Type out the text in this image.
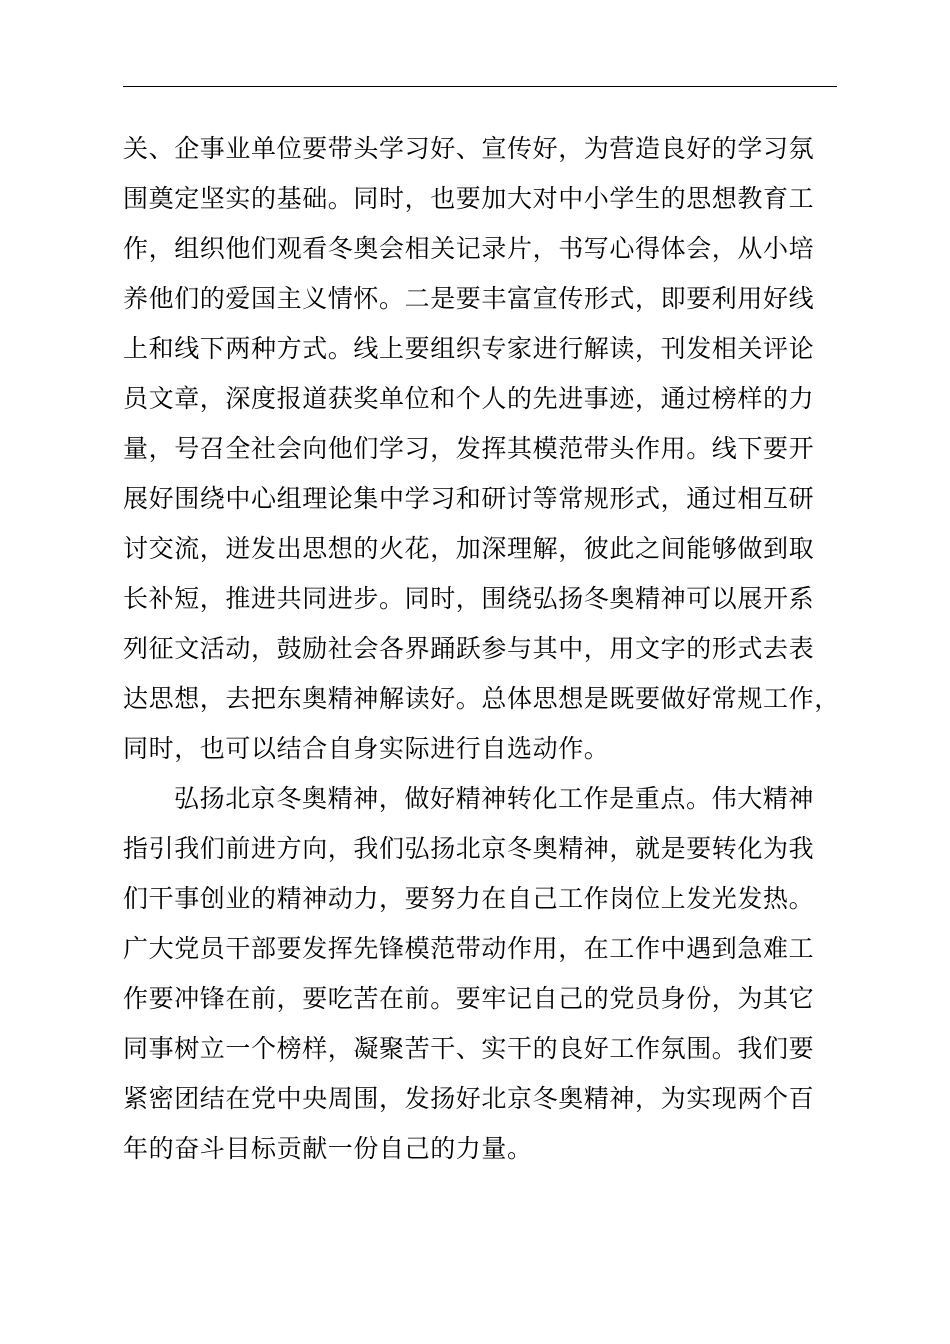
关、企事业单位要带头学习好、宣传好，为营造良好的学习氛
围奠定坚实的基础。同时，也要加大对中小学生的思想教育工
作，组织他们观看冬奥会相关记录片，书写心得体会，从小培
养他们的爱国主义情怀。二是要丰富宣传形式，即要利用好线
上和线下两种方式。线上要组织专家进行解读，刊发相关评论
员文章，深度报道获奖单位和个人的先进事迹，通过榜样的力
量，号召全社会向他们学习，发挥其模范带头作用。线下要开
展好围绕中心组理论集中学习和研讨等常规形式，通过相互研
讨交流，迸发出思想的火花，加深理解，彼此之间能够做到取
长补短，推进共同进步。同时，围绕弘扬冬奥精神可以展开系
列征文活动，鼓励社会各界踊跃参与其中，用文字的形式去表
达思想，去把东奥精神解读好。总体思想是既要做好常规工作，
同时，也可以结合自身实际进行自选动作。
弘扬北京冬奥精神，做好精神转化工作是重点。伟大精神
指引我们前进方向，我们弘扬北京冬奥精神，就是要转化为我
们干事创业的精神动力，要努力在自己工作岗位上发光发热。
广大党员干部要发挥先锋模范带动作用，在工作中遇到急难工
作要冲锋在前，要吃苦在前。要牢记自己的党员身份，为其它
同事树立一个榜样，凝聚苦干、实干的良好工作氛围。我们要
紧密团结在党中央周围，发扬好北京冬奥精神，为实现两个百
年的奋斗目标贡献一份自己的力量。
